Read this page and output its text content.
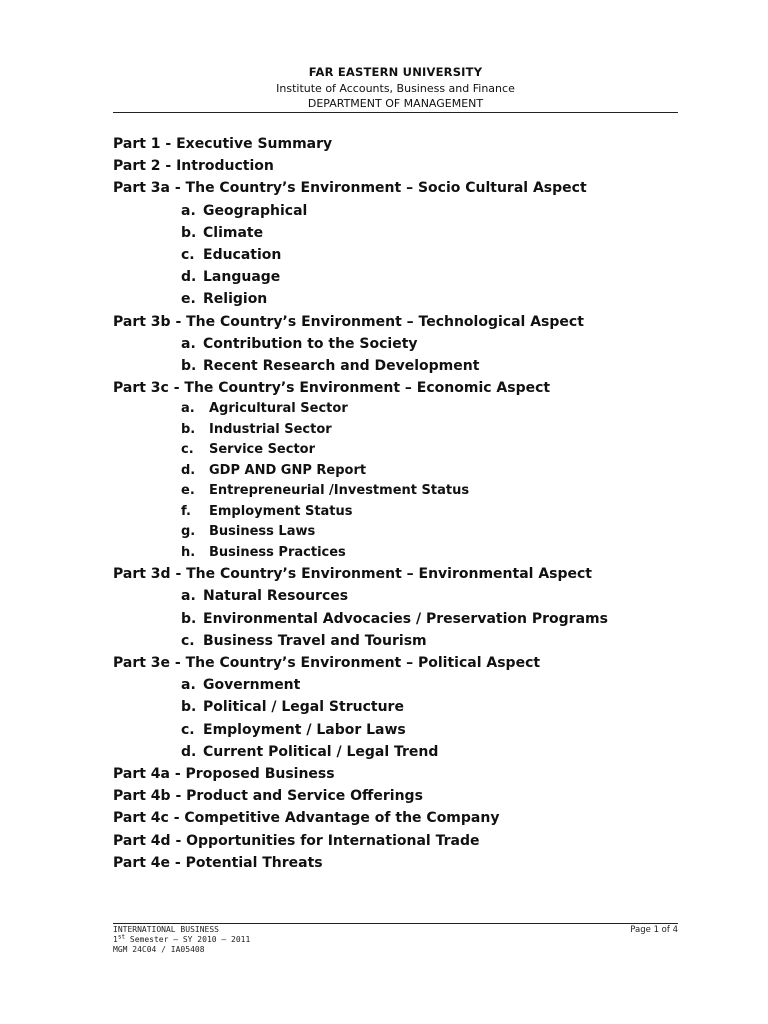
FAR EASTERN UNIVERSITY
Institute of Accounts, Business and Finance
DEPARTMENT OF MANAGEMENT
Part 1 - Executive Summary
Part 2 - Introduction
Part 3a - The Country’s Environment – Socio Cultural Aspect
a. Geographical
b. Climate
c. Education
d. Language
e. Religion
Part 3b - The Country’s Environment – Technological Aspect
a. Contribution to the Society
b. Recent Research and Development
Part 3c - The Country’s Environment – Economic Aspect
a. Agricultural Sector
b. Industrial Sector
c. Service Sector
d. GDP AND GNP Report
e. Entrepreneurial /Investment Status
f. Employment Status
g. Business Laws
h. Business Practices
Part 3d - The Country’s Environment – Environmental Aspect
a. Natural Resources
b. Environmental Advocacies / Preservation Programs
c. Business Travel and Tourism
Part 3e - The Country’s Environment – Political Aspect
a. Government
b. Political / Legal Structure
c. Employment / Labor Laws
d. Current Political / Legal Trend
Part 4a - Proposed Business
Part 4b - Product and Service Offerings
Part 4c - Competitive Advantage of the Company
Part 4d - Opportunities for International Trade
Part 4e - Potential Threats
INTERNATIONAL BUSINESS
1st Semester – SY 2010 – 2011
MGM 24C04 / IA05408
Page 1 of 4
